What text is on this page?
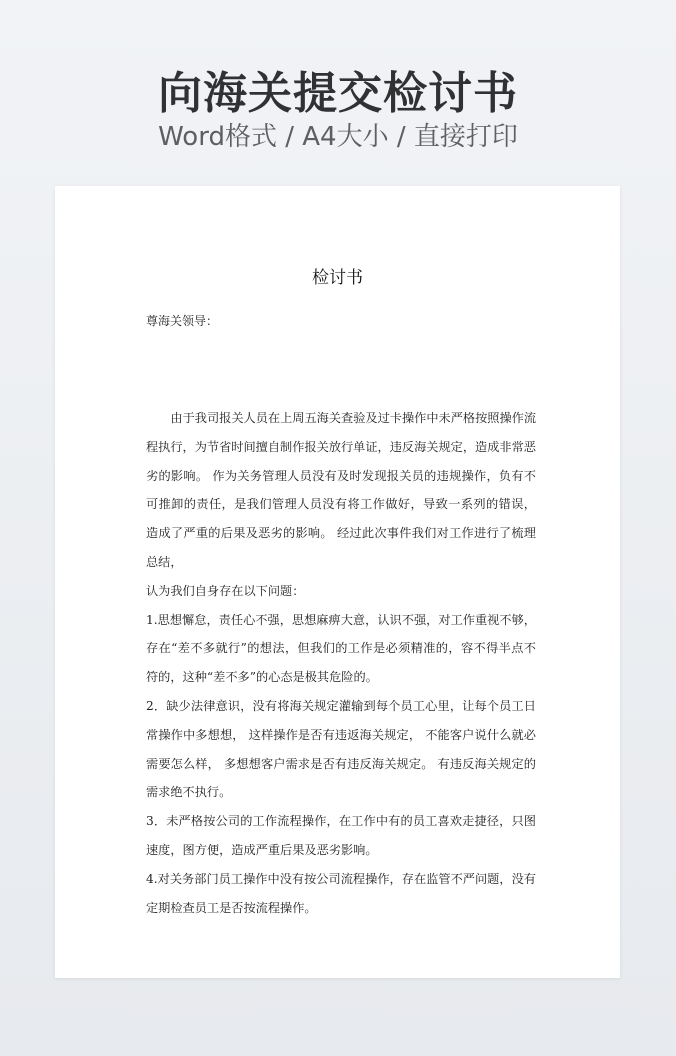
向海关提交检讨书
Word格式 / A4大小 / 直接打印
检讨书
尊海关领导：

由于我司报关人员在上周五海关查验及过卡操作中未严格按照操作流程执行，为节省时间擅自制作报关放行单证，违反海关规定，造成非常恶劣的影响。 作为关务管理人员没有及时发现报关员的违规操作，负有不可推卸的责任，是我们管理人员没有将工作做好，导致一系列的错误， 造成了严重的后果及恶劣的影响。 经过此次事件我们对工作进行了梳理总结，

认为我们自身存在以下问题：

1.思想懈怠，责任心不强，思想麻痹大意，认识不强，对工作重视不够，存在“差不多就行”的想法，但我们的工作是必须精准的，容不得半点不符的，这种“差不多”的心态是极其危险的。

2．缺少法律意识，没有将海关规定灌输到每个员工心里，让每个员工日常操作中多想想， 这样操作是否有违返海关规定， 不能客户说什么就必需要怎么样， 多想想客户需求是否有违反海关规定。 有违反海关规定的需求绝不执行。

3．未严格按公司的工作流程操作，在工作中有的员工喜欢走捷径，只图速度，图方便，造成严重后果及恶劣影响。

4.对关务部门员工操作中没有按公司流程操作，存在监管不严问题，没有定期检查员工是否按流程操作。
